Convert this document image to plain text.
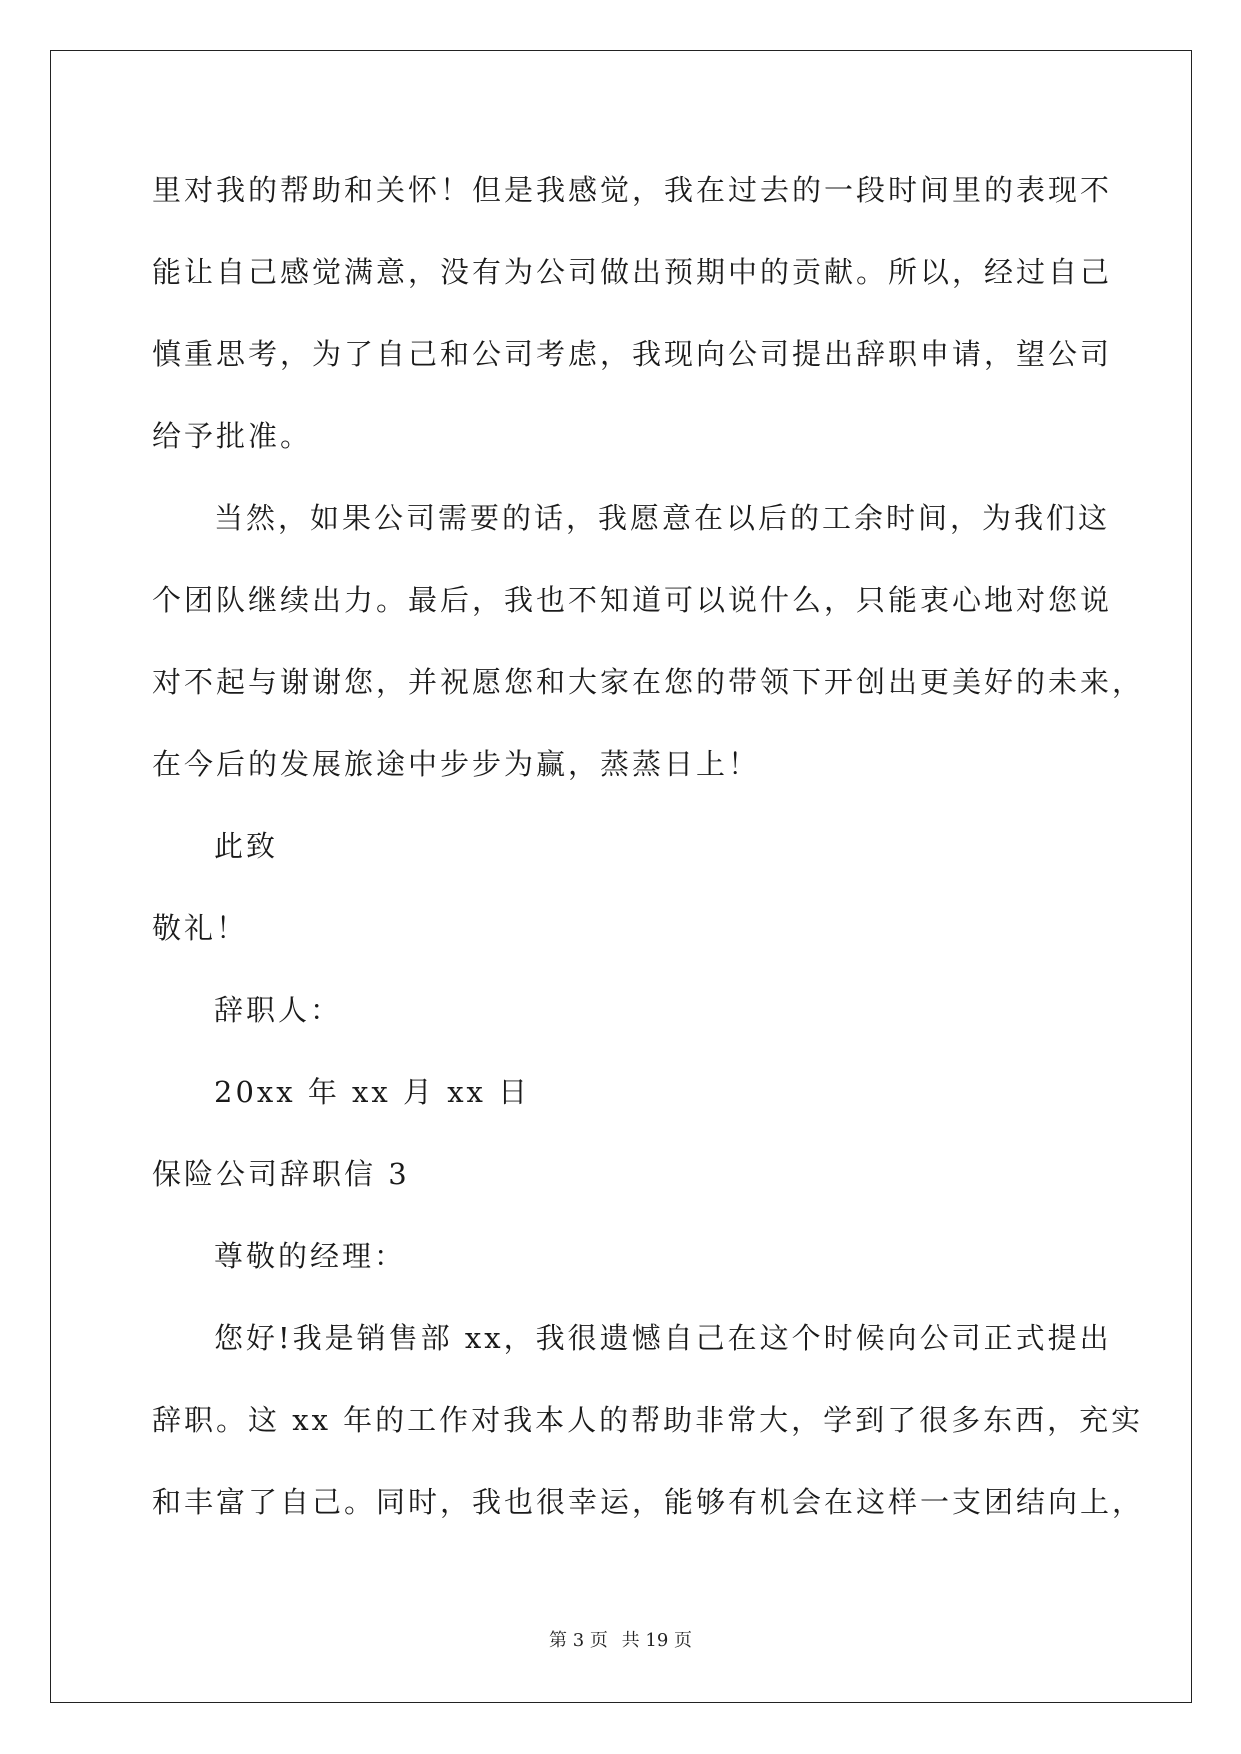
里对我的帮助和关怀！但是我感觉，我在过去的一段时间里的表现不
能让自己感觉满意，没有为公司做出预期中的贡献。所以，经过自己
慎重思考，为了自己和公司考虑，我现向公司提出辞职申请，望公司
给予批准。
当然，如果公司需要的话，我愿意在以后的工余时间，为我们这
个团队继续出力。最后，我也不知道可以说什么，只能衷心地对您说
对不起与谢谢您，并祝愿您和大家在您的带领下开创出更美好的未来，
在今后的发展旅途中步步为赢，蒸蒸日上！
此致
敬礼！
辞职人：
20xx 年 xx 月 xx 日
保险公司辞职信 3
尊敬的经理：
您好!我是销售部 xx，我很遗憾自己在这个时候向公司正式提出
辞职。这 xx 年的工作对我本人的帮助非常大，学到了很多东西，充实
和丰富了自己。同时，我也很幸运，能够有机会在这样一支团结向上，
第 3 页 共 19 页
